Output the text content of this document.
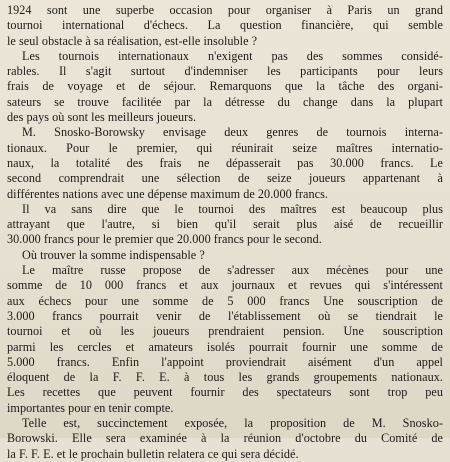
1924 sont une superbe occasion pour organiser à Paris un grand
tournoi international d'échecs. La question financière, qui semble
le seul obstacle à sa réalisation, est-elle insoluble ?
Les tournois internationaux n'exigent pas des sommes considé-
rables. Il s'agit surtout d'indemniser les participants pour leurs
frais de voyage et de séjour. Remarquons que la tâche des organi-
sateurs se trouve facilitée par la détresse du change dans la plupart
des pays où sont les meilleurs joueurs.
M. Snosko-Borowsky envisage deux genres de tournois interna-
tionaux. Pour le premier, qui réunirait seize maîtres internatio-
naux, la totalité des frais ne dépasserait pas 30.000 francs. Le
second comprendrait une sélection de seize joueurs appartenant à
différentes nations avec une dépense maximum de 20.000 francs.
Il va sans dire que le tournoi des maîtres est beaucoup plus
attrayant que l'autre, si bien qu'il serait plus aisé de recueillir
30.000 francs pour le premier que 20.000 francs pour le second.
Où trouver la somme indispensable ?
Le maître russe propose de s'adresser aux mécènes pour une
somme de 10 000 francs et aux journaux et revues qui s'intéressent
aux échecs pour une somme de 5 000 francs Une souscription de
3.000 francs pourrait venir de l'établissement où se tiendrait le
tournoi et où les joueurs prendraient pension. Une souscription
parmi les cercles et amateurs isolés pourrait fournir une somme de
5.000 francs. Enfin l'appoint proviendrait aisément d'un appel
éloquent de la F. F. E. à tous les grands groupements nationaux.
Les recettes que peuvent fournir des spectateurs sont trop peu
importantes pour en tenir compte.
Telle est, succinctement exposée, la proposition de M. Snosko-
Borowski. Elle sera examinée à la réunion d'octobre du Comité de
la F. F. E. et le prochain bulletin relatera ce qui sera décidé.
